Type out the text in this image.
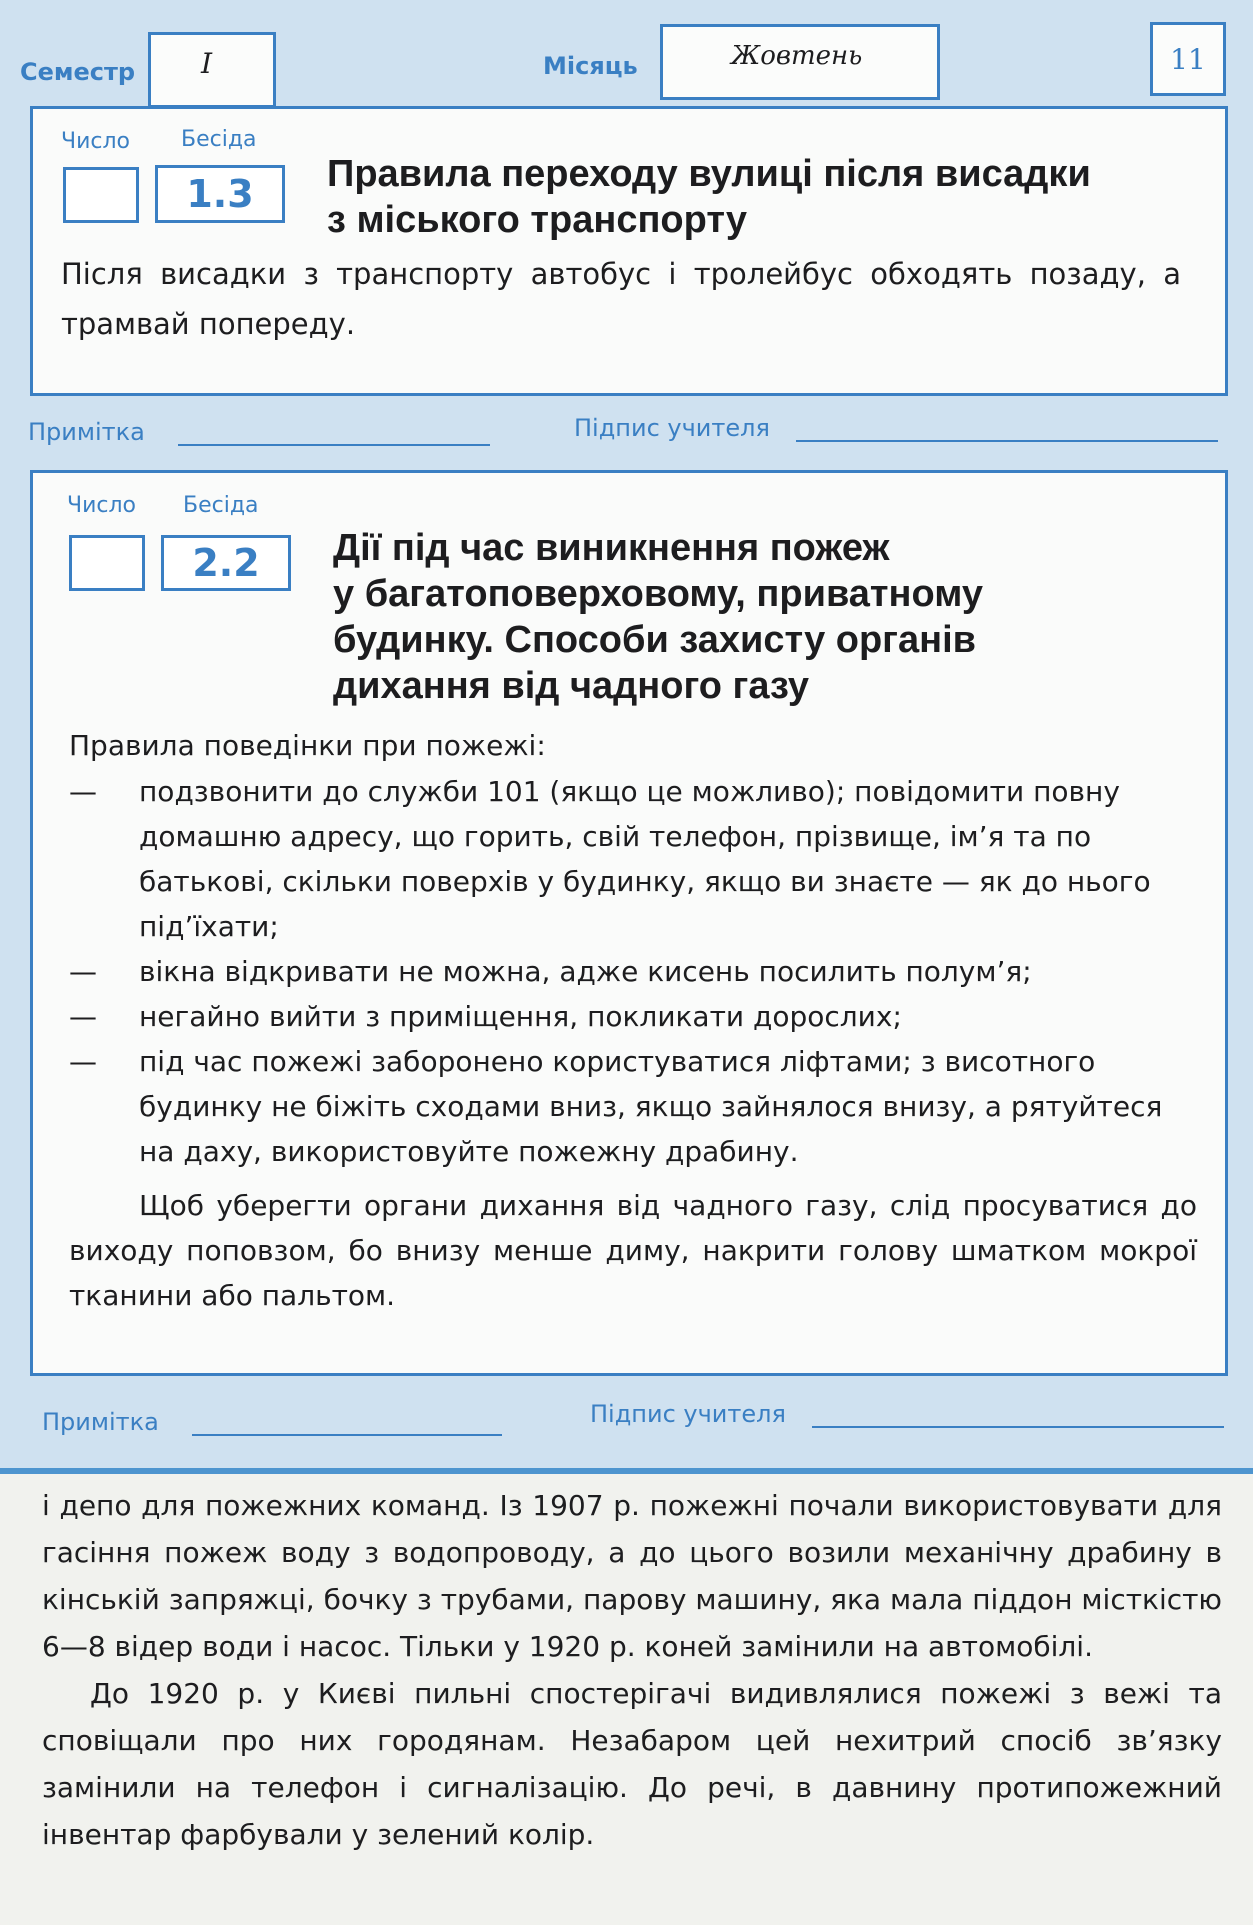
Семестр І	Місяць	Жовтень	11
Число Бесіда
1.3	Правила переходу вулиці після висадки
з міського транспорту

Після висадки з транспорту автобус і тролейбус обходять позаду, а трамвай попереду.

Примітка	Підпис учителя
Число Бесіда
2.2	Дії під час виникнення пожеж
у багатоповерховому, приватному
будинку. Способи захисту органів
дихання від чадного газу

Правила поведінки при пожежі:

— подзвонити до служби 101 (якщо це можливо); повідомити повну домашню адресу, що горить, свій телефон, прізвище, ім’я та по батькові, скільки поверхів у будинку, якщо ви знаєте — як до нього під’їхати;
— вікна відкривати не можна, адже кисень посилить полум’я;
— негайно вийти з приміщення, покликати дорослих;
— під час пожежі заборонено користуватися ліфтами; з висотного будинку не біжіть сходами вниз, якщо зайнялося внизу, а рятуйтеся на даху, використовуйте пожежну драбину.

Щоб уберегти органи дихання від чадного газу, слід просуватися до виходу поповзом, бо внизу менше диму, накрити голову шматком мокрої тканини або пальтом.

Примітка	Підпис учителя

і депо для пожежних команд. Із 1907 р. пожежні почали використовувати для гасіння пожеж воду з водопроводу, а до цього возили механічну драбину в кінській запряжці, бочку з трубами, парову машину, яка мала піддон місткістю 6—8 відер води і насос. Тільки у 1920 р. коней замінили на автомобілі.

До 1920 р. у Києві пильні спостерігачі видивлялися пожежі з вежі та сповіщали про них городянам. Незабаром цей нехитрий спосіб зв’язку замінили на телефон і сигналізацію. До речі, в давнину протипожежний інвентар фарбували у зелений колір.
